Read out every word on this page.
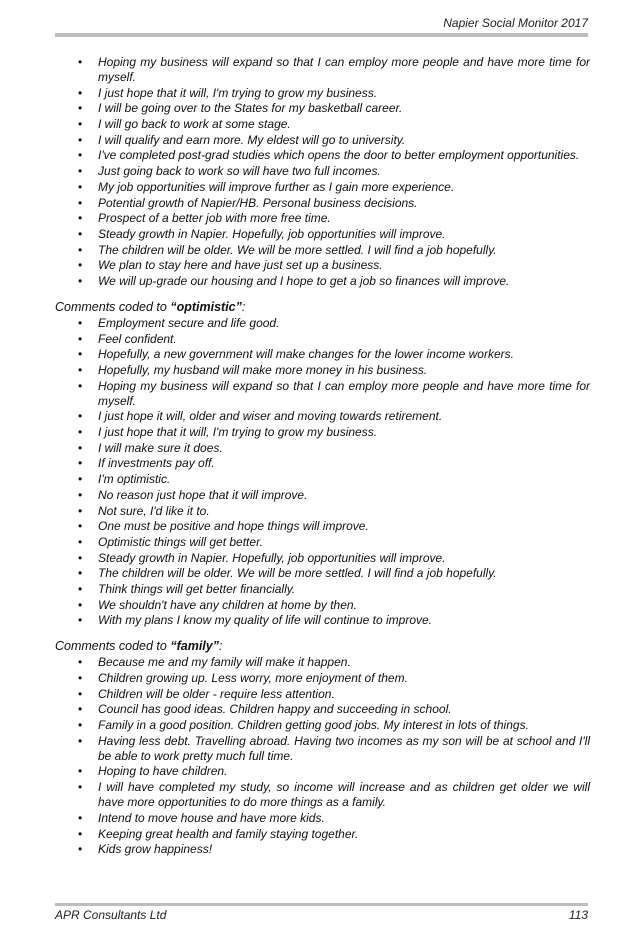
Napier Social Monitor 2017
• Hoping my business will expand so that I can employ more people and have more time for myself.
• I just hope that it will, I'm trying to grow my business.
• I will be going over to the States for my basketball career.
• I will go back to work at some stage.
• I will qualify and earn more. My eldest will go to university.
• I've completed post-grad studies which opens the door to better employment opportunities.
• Just going back to work so will have two full incomes.
• My job opportunities will improve further as I gain more experience.
• Potential growth of Napier/HB. Personal business decisions.
• Prospect of a better job with more free time.
• Steady growth in Napier. Hopefully, job opportunities will improve.
• The children will be older. We will be more settled. I will find a job hopefully.
• We plan to stay here and have just set up a business.
• We will up-grade our housing and I hope to get a job so finances will improve.
Comments coded to “optimistic”:
• Employment secure and life good.
• Feel confident.
• Hopefully, a new government will make changes for the lower income workers.
• Hopefully, my husband will make more money in his business.
• Hoping my business will expand so that I can employ more people and have more time for myself.
• I just hope it will, older and wiser and moving towards retirement.
• I just hope that it will, I'm trying to grow my business.
• I will make sure it does.
• If investments pay off.
• I'm optimistic.
• No reason just hope that it will improve.
• Not sure, I'd like it to.
• One must be positive and hope things will improve.
• Optimistic things will get better.
• Steady growth in Napier. Hopefully, job opportunities will improve.
• The children will be older. We will be more settled. I will find a job hopefully.
• Think things will get better financially.
• We shouldn't have any children at home by then.
• With my plans I know my quality of life will continue to improve.
Comments coded to “family”:
• Because me and my family will make it happen.
• Children growing up. Less worry, more enjoyment of them.
• Children will be older - require less attention.
• Council has good ideas. Children happy and succeeding in school.
• Family in a good position. Children getting good jobs. My interest in lots of things.
• Having less debt. Travelling abroad. Having two incomes as my son will be at school and I'll be able to work pretty much full time.
• Hoping to have children.
• I will have completed my study, so income will increase and as children get older we will have more opportunities to do more things as a family.
• Intend to move house and have more kids.
• Keeping great health and family staying together.
• Kids grow happiness!
APR Consultants Ltd	113
